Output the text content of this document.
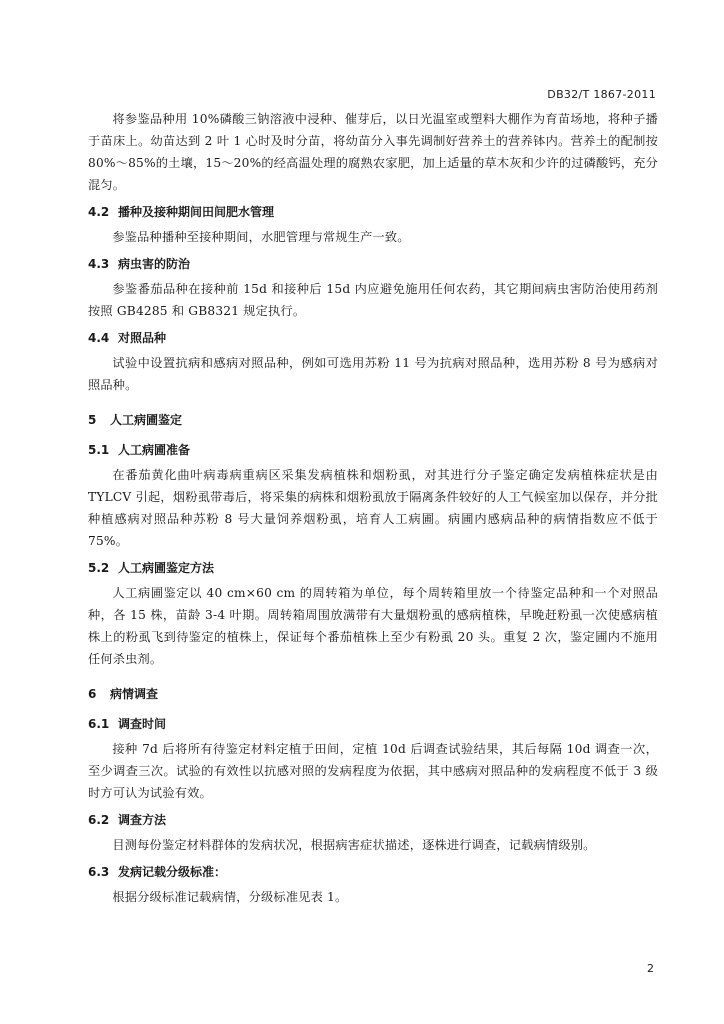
DB32/T 1867-2011

将参鉴品种用 10%磷酸三钠溶液中浸种、催芽后，以日光温室或塑料大棚作为育苗场地，将种子播于苗床上。幼苗达到 2 叶 1 心时及时分苗，将幼苗分入事先调制好营养土的营养钵内。营养土的配制按 80%～85%的土壤，15～20%的经高温处理的腐熟农家肥，加上适量的草木灰和少许的过磷酸钙，充分混匀。

4.2 播种及接种期间田间肥水管理

参鉴品种播种至接种期间，水肥管理与常规生产一致。

4.3 病虫害的防治

参鉴番茄品种在接种前 15d 和接种后 15d 内应避免施用任何农药，其它期间病虫害防治使用药剂按照 GB4285 和 GB8321 规定执行。

4.4 对照品种

试验中设置抗病和感病对照品种，例如可选用苏粉 11 号为抗病对照品种，选用苏粉 8 号为感病对照品种。

5 人工病圃鉴定
5.1 人工病圃准备

在番茄黄化曲叶病毒病重病区采集发病植株和烟粉虱，对其进行分子鉴定确定发病植株症状是由 TYLCV 引起，烟粉虱带毒后，将采集的病株和烟粉虱放于隔离条件较好的人工气候室加以保存，并分批种植感病对照品种苏粉 8 号大量饲养烟粉虱，培育人工病圃。病圃内感病品种的病情指数应不低于 75%。

5.2 人工病圃鉴定方法

人工病圃鉴定以 40 cm×60 cm 的周转箱为单位，每个周转箱里放一个待鉴定品种和一个对照品种，各 15 株，苗龄 3-4 叶期。周转箱周围放满带有大量烟粉虱的感病植株，早晚赶粉虱一次使感病植株上的粉虱飞到待鉴定的植株上，保证每个番茄植株上至少有粉虱 20 头。重复 2 次，鉴定圃内不施用任何杀虫剂。

6 病情调查
6.1 调查时间

接种 7d 后将所有待鉴定材料定植于田间，定植 10d 后调查试验结果，其后每隔 10d 调查一次，至少调查三次。试验的有效性以抗感对照的发病程度为依据，其中感病对照品种的发病程度不低于 3 级时方可认为试验有效。

6.2 调查方法

目测每份鉴定材料群体的发病状况，根据病害症状描述，逐株进行调查，记载病情级别。

6.3 发病记载分级标准：

根据分级标准记载病情，分级标准见表 1。

2
